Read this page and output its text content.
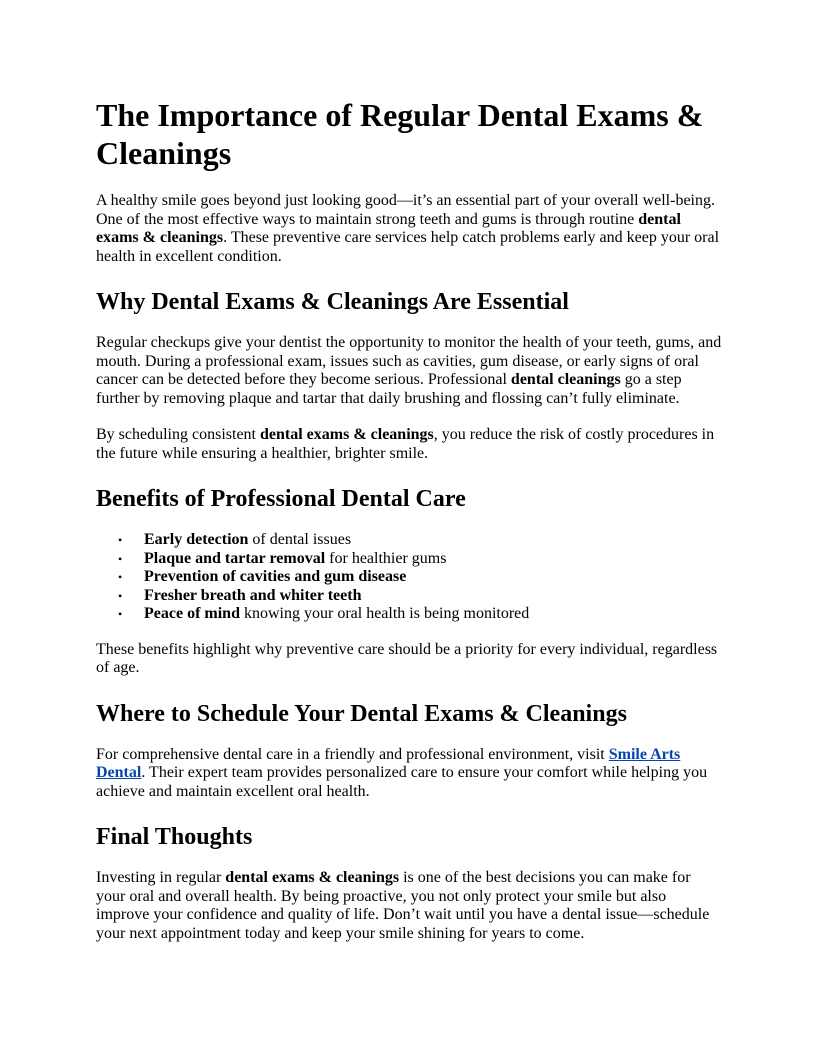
The Importance of Regular Dental Exams & Cleanings

A healthy smile goes beyond just looking good—it’s an essential part of your overall well-being. One of the most effective ways to maintain strong teeth and gums is through routine dental exams & cleanings. These preventive care services help catch problems early and keep your oral health in excellent condition.

Why Dental Exams & Cleanings Are Essential

Regular checkups give your dentist the opportunity to monitor the health of your teeth, gums, and mouth. During a professional exam, issues such as cavities, gum disease, or early signs of oral cancer can be detected before they become serious. Professional dental cleanings go a step further by removing plaque and tartar that daily brushing and flossing can’t fully eliminate.

By scheduling consistent dental exams & cleanings, you reduce the risk of costly procedures in the future while ensuring a healthier, brighter smile.

Benefits of Professional Dental Care
• Early detection of dental issues
• Plaque and tartar removal for healthier gums
• Prevention of cavities and gum disease
• Fresher breath and whiter teeth
• Peace of mind knowing your oral health is being monitored

These benefits highlight why preventive care should be a priority for every individual, regardless of age.

Where to Schedule Your Dental Exams & Cleanings

For comprehensive dental care in a friendly and professional environment, visit Smile Arts Dental. Their expert team provides personalized care to ensure your comfort while helping you achieve and maintain excellent oral health.

Final Thoughts

Investing in regular dental exams & cleanings is one of the best decisions you can make for your oral and overall health. By being proactive, you not only protect your smile but also improve your confidence and quality of life. Don’t wait until you have a dental issue—schedule your next appointment today and keep your smile shining for years to come.
